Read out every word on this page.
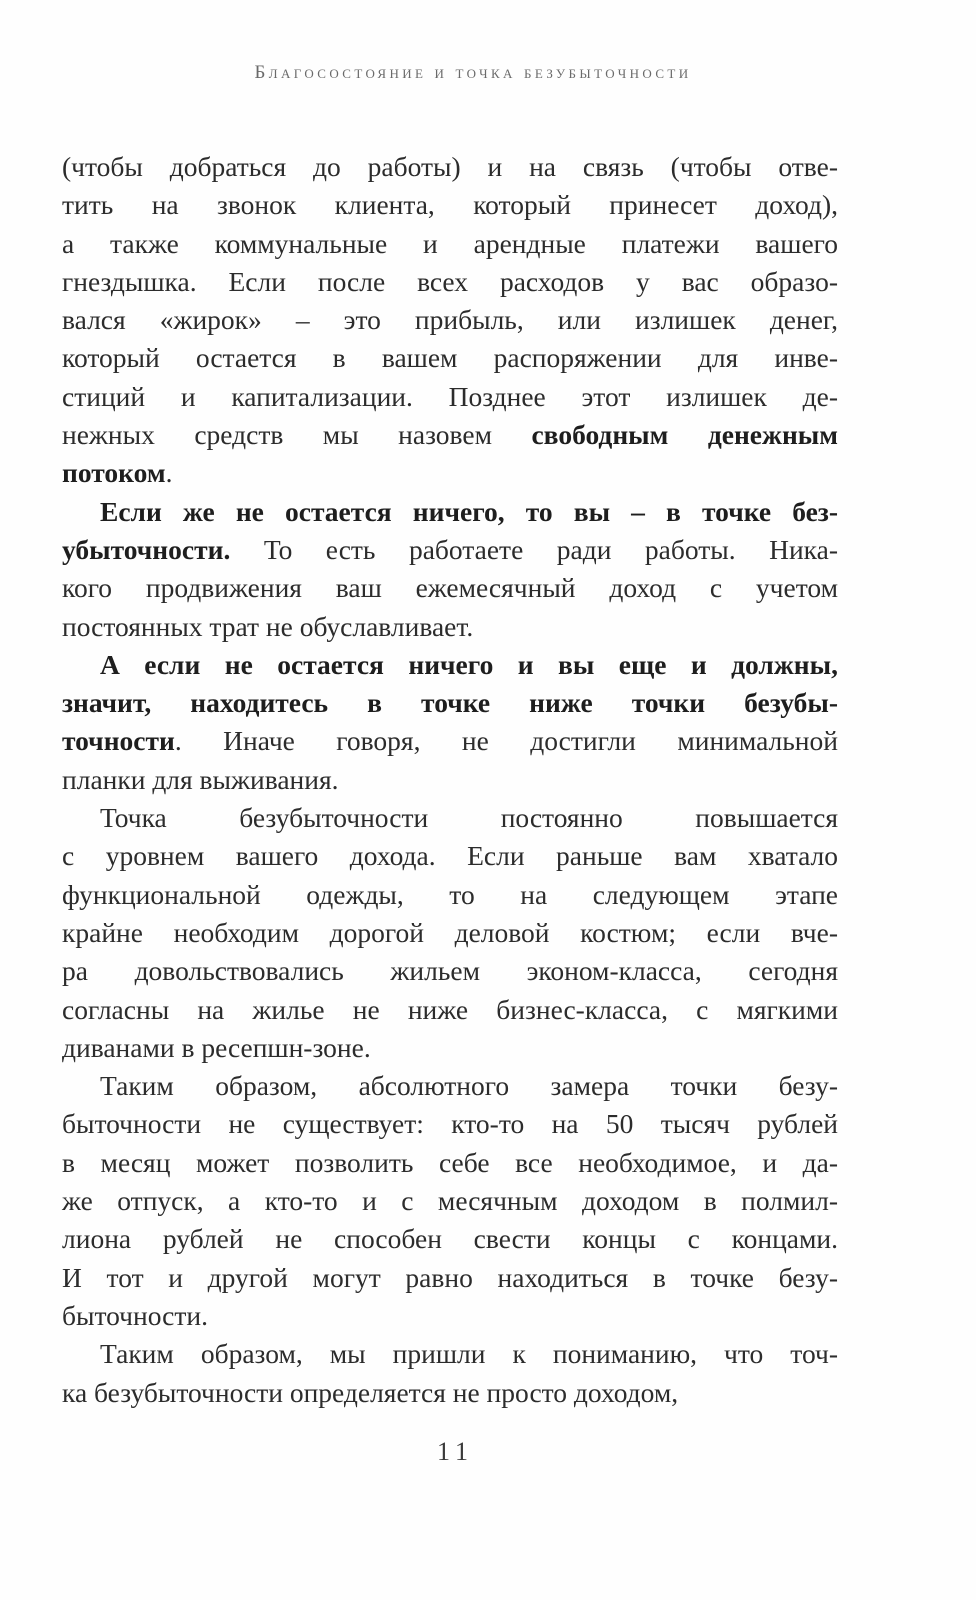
Благосостояние и точка безубыточности
(чтобы добраться до работы) и на связь (чтобы отве-
тить на звонок клиента, который принесет доход),
а также коммунальные и арендные платежи вашего
гнездышка. Если после всех расходов у вас образо-
вался «жирок» – это прибыль, или излишек денег,
который остается в вашем распоряжении для инве-
стиций и капитализации. Позднее этот излишек де-
нежных средств мы назовем свободным денежным
потоком.
Если же не остается ничего, то вы – в точке без-
убыточности. То есть работаете ради работы. Ника-
кого продвижения ваш ежемесячный доход с учетом
постоянных трат не обуславливает.
А если не остается ничего и вы еще и должны,
значит, находитесь в точке ниже точки безубы-
точности. Иначе говоря, не достигли минимальной
планки для выживания.
Точка безубыточности постоянно повышается
с уровнем вашего дохода. Если раньше вам хватало
функциональной одежды, то на следующем этапе
крайне необходим дорогой деловой костюм; если вче-
ра довольствовались жильем эконом-класса, сегодня
согласны на жилье не ниже бизнес-класса, с мягкими
диванами в ресепшн-зоне.
Таким образом, абсолютного замера точки безу-
быточности не существует: кто-то на 50 тысяч рублей
в месяц может позволить себе все необходимое, и да-
же отпуск, а кто-то и с месячным доходом в полмил-
лиона рублей не способен свести концы с концами.
И тот и другой могут равно находиться в точке безу-
быточности.
Таким образом, мы пришли к пониманию, что точ-
ка безубыточности определяется не просто доходом,
11
